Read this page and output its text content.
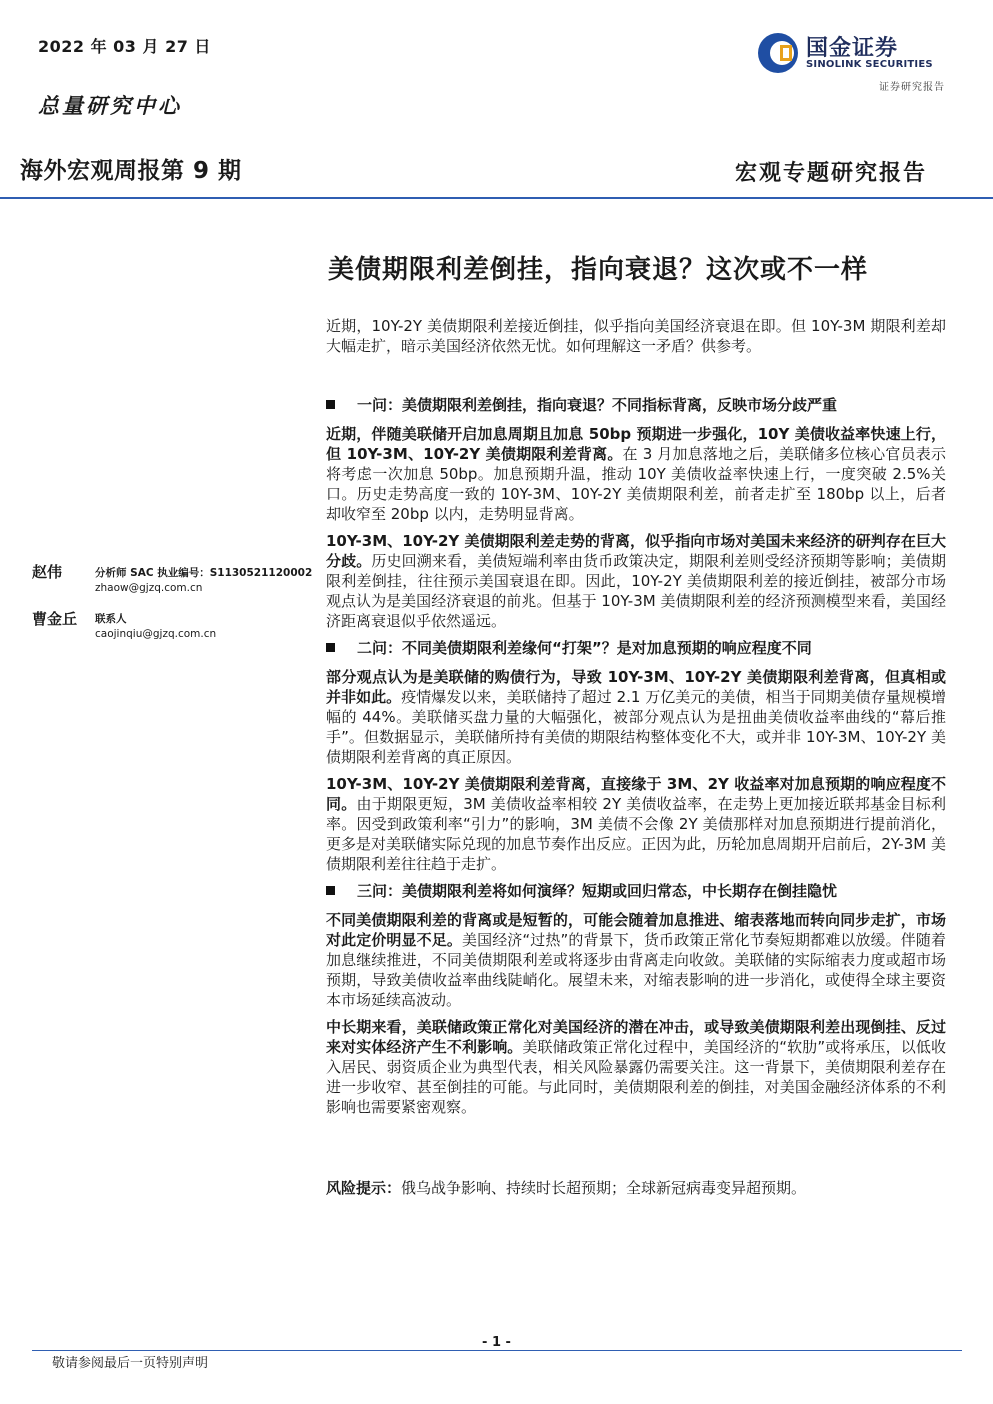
2022 年 03 月 27 日
总量研究中心
国金证券
SINOLINK SECURITIES
证券研究报告
海外宏观周报第 9 期	宏观专题研究报告
美债期限利差倒挂，指向衰退？这次或不一样

近期，10Y-2Y 美债期限利差接近倒挂，似乎指向美国经济衰退在即。但 10Y-3M 期限利差却大幅走扩，暗示美国经济依然无忧。如何理解这一矛盾？供参考。

一问：美债期限利差倒挂，指向衰退？不同指标背离，反映市场分歧严重

近期，伴随美联储开启加息周期且加息 50bp 预期进一步强化，10Y 美债收益率快速上行，但 10Y-3M、10Y-2Y 美债期限利差背离。在 3 月加息落地之后，美联储多位核心官员表示将考虑一次加息 50bp。加息预期升温，推动 10Y 美债收益率快速上行，一度突破 2.5%关口。历史走势高度一致的 10Y-3M、10Y-2Y 美债期限利差，前者走扩至 180bp 以上，后者却收窄至 20bp 以内，走势明显背离。

10Y-3M、10Y-2Y 美债期限利差走势的背离，似乎指向市场对美国未来经济的研判存在巨大分歧。历史回溯来看，美债短端利率由货币政策决定，期限利差则受经济预期等影响；美债期限利差倒挂，往往预示美国衰退在即。因此，10Y-2Y 美债期限利差的接近倒挂，被部分市场观点认为是美国经济衰退的前兆。但基于 10Y-3M 美债期限利差的经济预测模型来看，美国经济距离衰退似乎依然遥远。

二问：不同美债期限利差缘何“打架”？是对加息预期的响应程度不同

部分观点认为是美联储的购债行为，导致 10Y-3M、10Y-2Y 美债期限利差背离，但真相或并非如此。疫情爆发以来，美联储持了超过 2.1 万亿美元的美债，相当于同期美债存量规模增幅的 44%。美联储买盘力量的大幅强化，被部分观点认为是扭曲美债收益率曲线的“幕后推手”。但数据显示，美联储所持有美债的期限结构整体变化不大，或并非 10Y-3M、10Y-2Y 美债期限利差背离的真正原因。

10Y-3M、10Y-2Y 美债期限利差背离，直接缘于 3M、2Y 收益率对加息预期的响应程度不同。由于期限更短，3M 美债收益率相较 2Y 美债收益率，在走势上更加接近联邦基金目标利率。因受到政策利率“引力”的影响，3M 美债不会像 2Y 美债那样对加息预期进行提前消化，更多是对美联储实际兑现的加息节奏作出反应。正因为此，历轮加息周期开启前后，2Y-3M 美债期限利差往往趋于走扩。

三问：美债期限利差将如何演绎？短期或回归常态，中长期存在倒挂隐忧

不同美债期限利差的背离或是短暂的，可能会随着加息推进、缩表落地而转向同步走扩，市场对此定价明显不足。美国经济“过热”的背景下，货币政策正常化节奏短期都难以放缓。伴随着加息继续推进，不同美债期限利差或将逐步由背离走向收敛。美联储的实际缩表力度或超市场预期，导致美债收益率曲线陡峭化。展望未来，对缩表影响的进一步消化，或使得全球主要资本市场延续高波动。

中长期来看，美联储政策正常化对美国经济的潜在冲击，或导致美债期限利差出现倒挂、反过来对实体经济产生不利影响。美联储政策正常化过程中，美国经济的“软肋”或将承压，以低收入居民、弱资质企业为典型代表，相关风险暴露仍需要关注。这一背景下，美债期限利差存在进一步收窄、甚至倒挂的可能。与此同时，美债期限利差的倒挂，对美国金融经济体系的不利影响也需要紧密观察。

赵伟	分析师 SAC 执业编号：S1130521120002
zhaow@gjzq.com.cn
曹金丘 联系人
caojinqiu@gjzq.com.cn
风险提示：俄乌战争影响、持续时长超预期；全球新冠病毒变异超预期。
- 1 -
敬请参阅最后一页特别声明
